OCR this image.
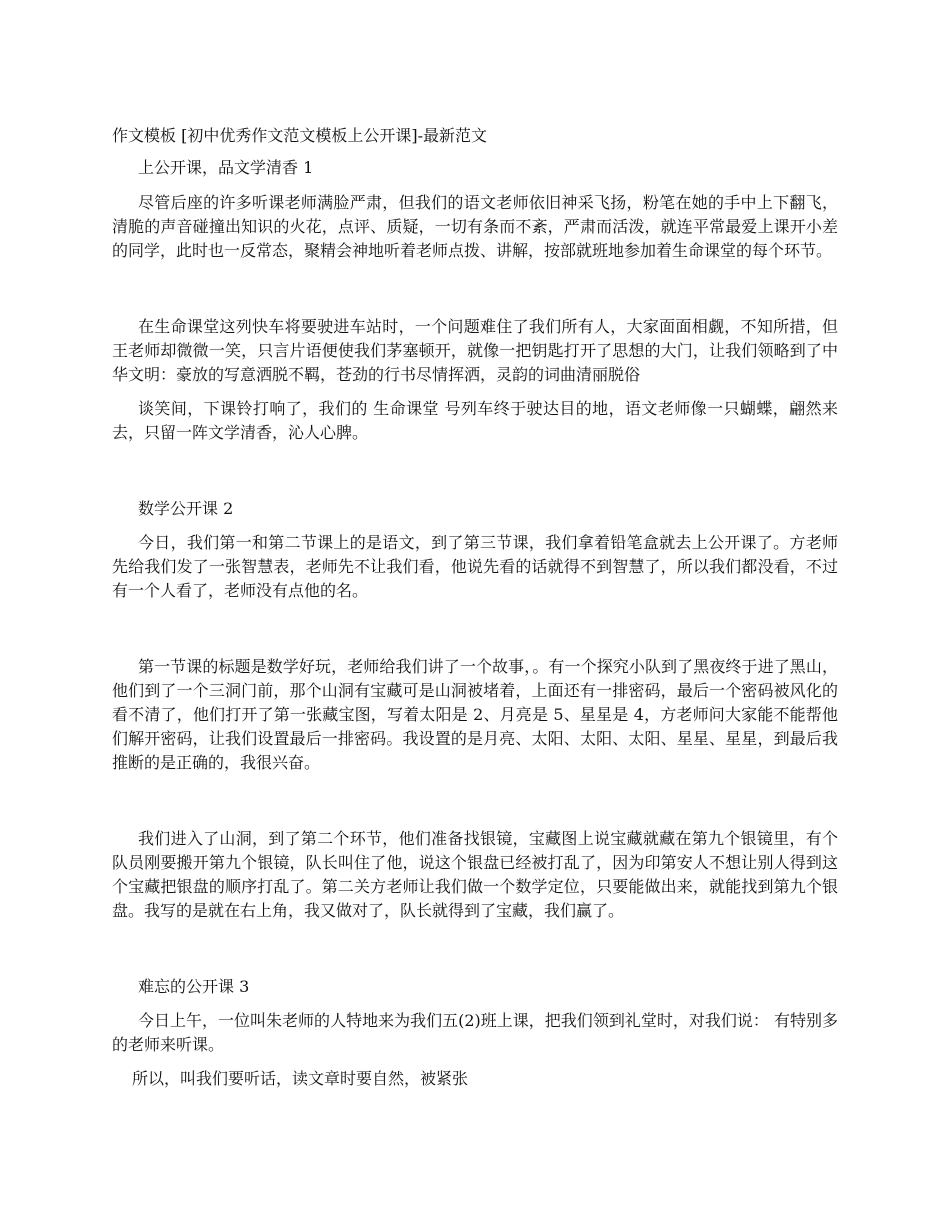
作文模板 [初中优秀作文范文模板上公开课]-最新范文

上公开课，品文学清香 1

尽管后座的许多听课老师满脸严肃，但我们的语文老师依旧神采飞扬，粉笔在她的手中上下翻飞，清脆的声音碰撞出知识的火花，点评、质疑，一切有条而不紊，严肃而活泼，就连平常最爱上课开小差的同学，此时也一反常态，聚精会神地听着老师点拨、讲解，按部就班地参加着生命课堂的每个环节。

在生命课堂这列快车将要驶进车站时，一个问题难住了我们所有人，大家面面相觑，不知所措，但王老师却微微一笑，只言片语便使我们茅塞顿开，就像一把钥匙打开了思想的大门，让我们领略到了中华文明：豪放的写意洒脱不羁，苍劲的行书尽情挥洒，灵韵的词曲清丽脱俗

谈笑间，下课铃打响了，我们的 生命课堂 号列车终于驶达目的地，语文老师像一只蝴蝶，翩然来去，只留一阵文学清香，沁人心脾。

数学公开课 2

今日，我们第一和第二节课上的是语文，到了第三节课，我们拿着铅笔盒就去上公开课了。方老师先给我们发了一张智慧表，老师先不让我们看，他说先看的话就得不到智慧了，所以我们都没看，不过有一个人看了，老师没有点他的名。

第一节课的标题是数学好玩，老师给我们讲了一个故事，。有一个探究小队到了黑夜终于进了黑山，他们到了一个三洞门前，那个山洞有宝藏可是山洞被堵着，上面还有一排密码，最后一个密码被风化的看不清了，他们打开了第一张藏宝图，写着太阳是 2、月亮是 5、星星是 4，方老师问大家能不能帮他们解开密码，让我们设置最后一排密码。我设置的是月亮、太阳、太阳、太阳、星星、星星，到最后我推断的是正确的，我很兴奋。

我们进入了山洞，到了第二个环节，他们准备找银镜，宝藏图上说宝藏就藏在第九个银镜里，有个队员刚要搬开第九个银镜，队长叫住了他，说这个银盘已经被打乱了，因为印第安人不想让别人得到这个宝藏把银盘的顺序打乱了。第二关方老师让我们做一个数学定位，只要能做出来，就能找到第九个银盘。我写的是就在右上角，我又做对了，队长就得到了宝藏，我们赢了。

难忘的公开课 3

今日上午，一位叫朱老师的人特地来为我们五(2)班上课，把我们领到礼堂时，对我们说： 有特别多的老师来听课。

所以，叫我们要听话，读文章时要自然，被紧张
